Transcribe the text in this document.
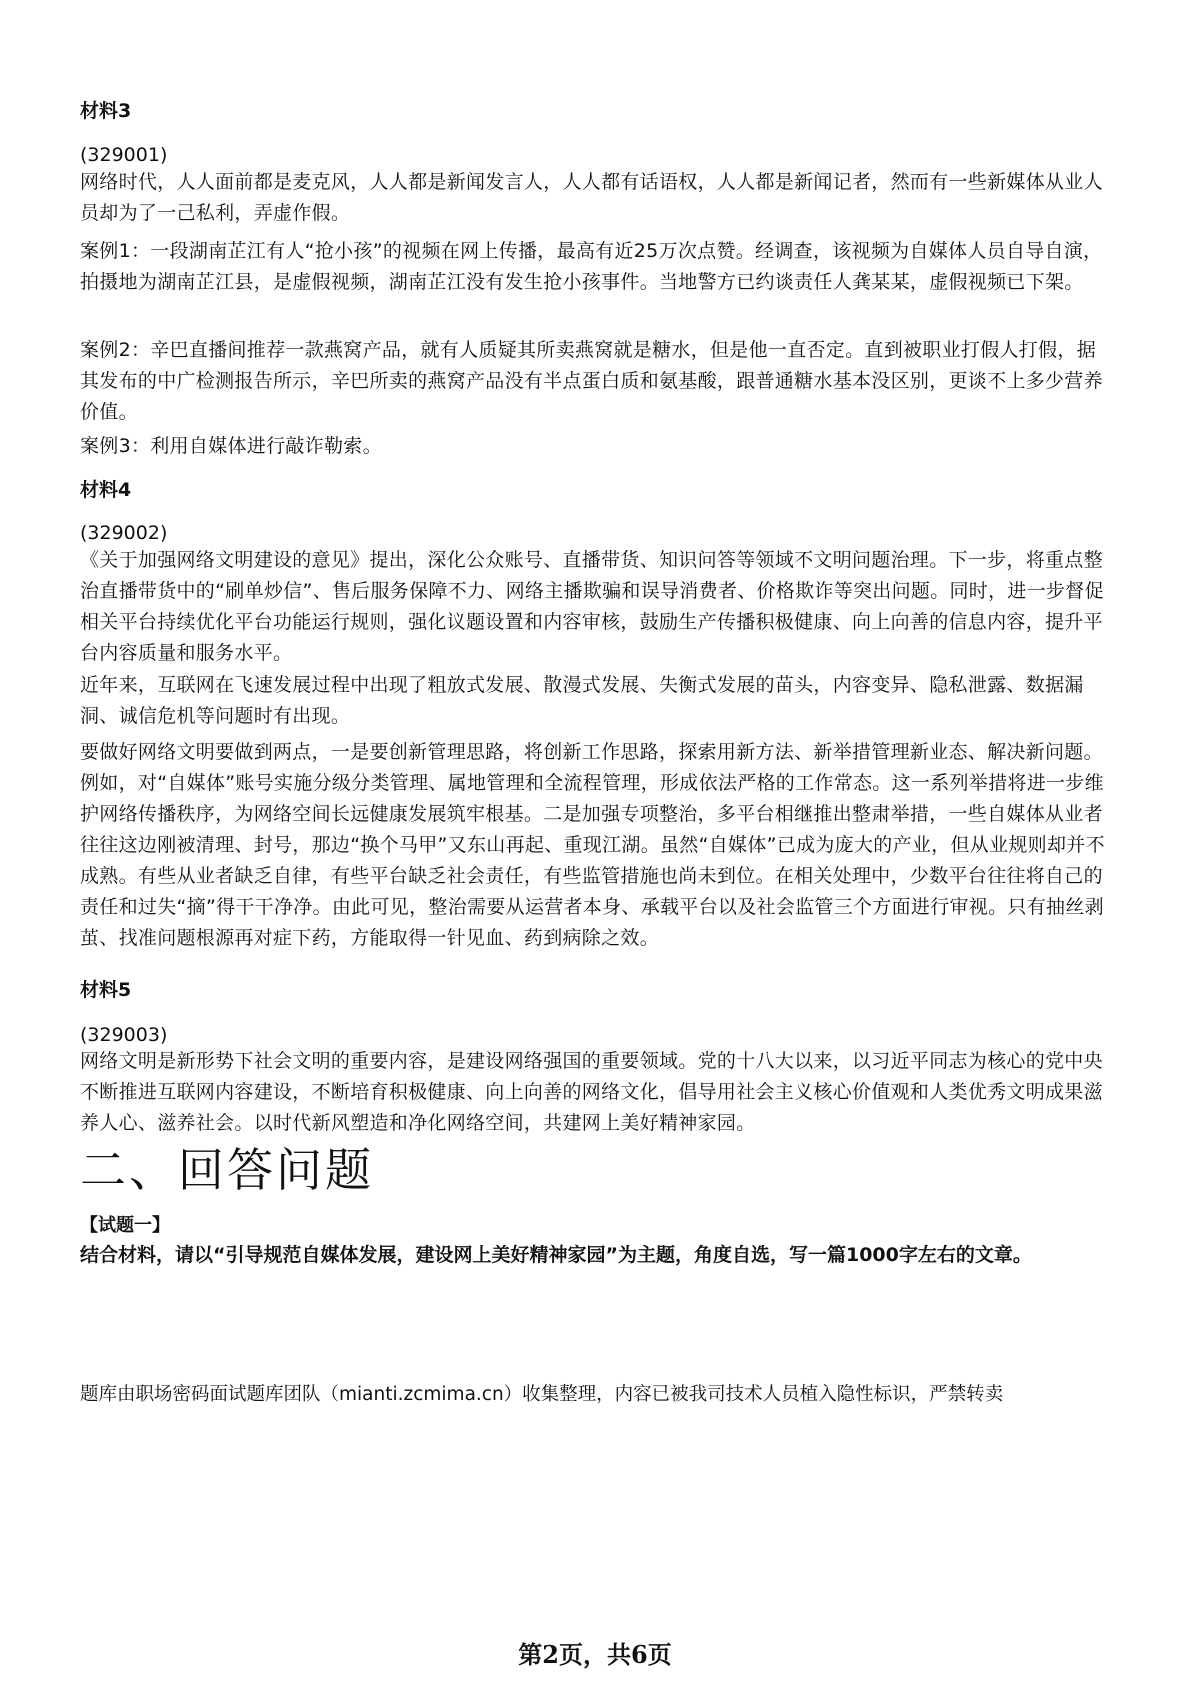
材料3
(329001)
网络时代，人人面前都是麦克风，人人都是新闻发言人，人人都有话语权，人人都是新闻记者，然而有一些新媒体从业人员却为了一己私利，弄虚作假。
案例1：一段湖南芷江有人“抢小孩”的视频在网上传播，最高有近25万次点赞。经调查，该视频为自媒体人员自导自演，拍摄地为湖南芷江县，是虚假视频，湖南芷江没有发生抢小孩事件。当地警方已约谈责任人龚某某，虚假视频已下架。
案例2：辛巴直播间推荐一款燕窝产品，就有人质疑其所卖燕窝就是糖水，但是他一直否定。直到被职业打假人打假，据其发布的中广检测报告所示，辛巴所卖的燕窝产品没有半点蛋白质和氨基酸，跟普通糖水基本没区别，更谈不上多少营养价值。
案例3：利用自媒体进行敲诈勒索。
材料4
(329002)
《关于加强网络文明建设的意见》提出，深化公众账号、直播带货、知识问答等领域不文明问题治理。下一步，将重点整治直播带货中的“刷单炒信”、售后服务保障不力、网络主播欺骗和误导消费者、价格欺诈等突出问题。同时，进一步督促相关平台持续优化平台功能运行规则，强化议题设置和内容审核，鼓励生产传播积极健康、向上向善的信息内容，提升平台内容质量和服务水平。
近年来，互联网在飞速发展过程中出现了粗放式发展、散漫式发展、失衡式发展的苗头，内容变异、隐私泄露、数据漏洞、诚信危机等问题时有出现。
要做好网络文明要做到两点，一是要创新管理思路，将创新工作思路，探索用新方法、新举措管理新业态、解决新问题。例如，对“自媒体”账号实施分级分类管理、属地管理和全流程管理，形成依法严格的工作常态。这一系列举措将进一步维护网络传播秩序，为网络空间长远健康发展筑牢根基。二是加强专项整治，多平台相继推出整肃举措，一些自媒体从业者往往这边刚被清理、封号，那边“换个马甲”又东山再起、重现江湖。虽然“自媒体”已成为庞大的产业，但从业规则却并不成熟。有些从业者缺乏自律，有些平台缺乏社会责任，有些监管措施也尚未到位。在相关处理中，少数平台往往将自己的责任和过失“摘”得干干净净。由此可见，整治需要从运营者本身、承载平台以及社会监管三个方面进行审视。只有抽丝剥茧、找准问题根源再对症下药，方能取得一针见血、药到病除之效。
材料5
(329003)
网络文明是新形势下社会文明的重要内容，是建设网络强国的重要领域。党的十八大以来，以习近平同志为核心的党中央不断推进互联网内容建设，不断培育积极健康、向上向善的网络文化，倡导用社会主义核心价值观和人类优秀文明成果滋养人心、滋养社会。以时代新风塑造和净化网络空间，共建网上美好精神家园。
二、回答问题
【试题一】
结合材料，请以“引导规范自媒体发展，建设网上美好精神家园”为主题，角度自选，写一篇1000字左右的文章。
题库由职场密码面试题库团队（mianti.zcmima.cn）收集整理，内容已被我司技术人员植入隐性标识，严禁转卖
第2页，共6页
